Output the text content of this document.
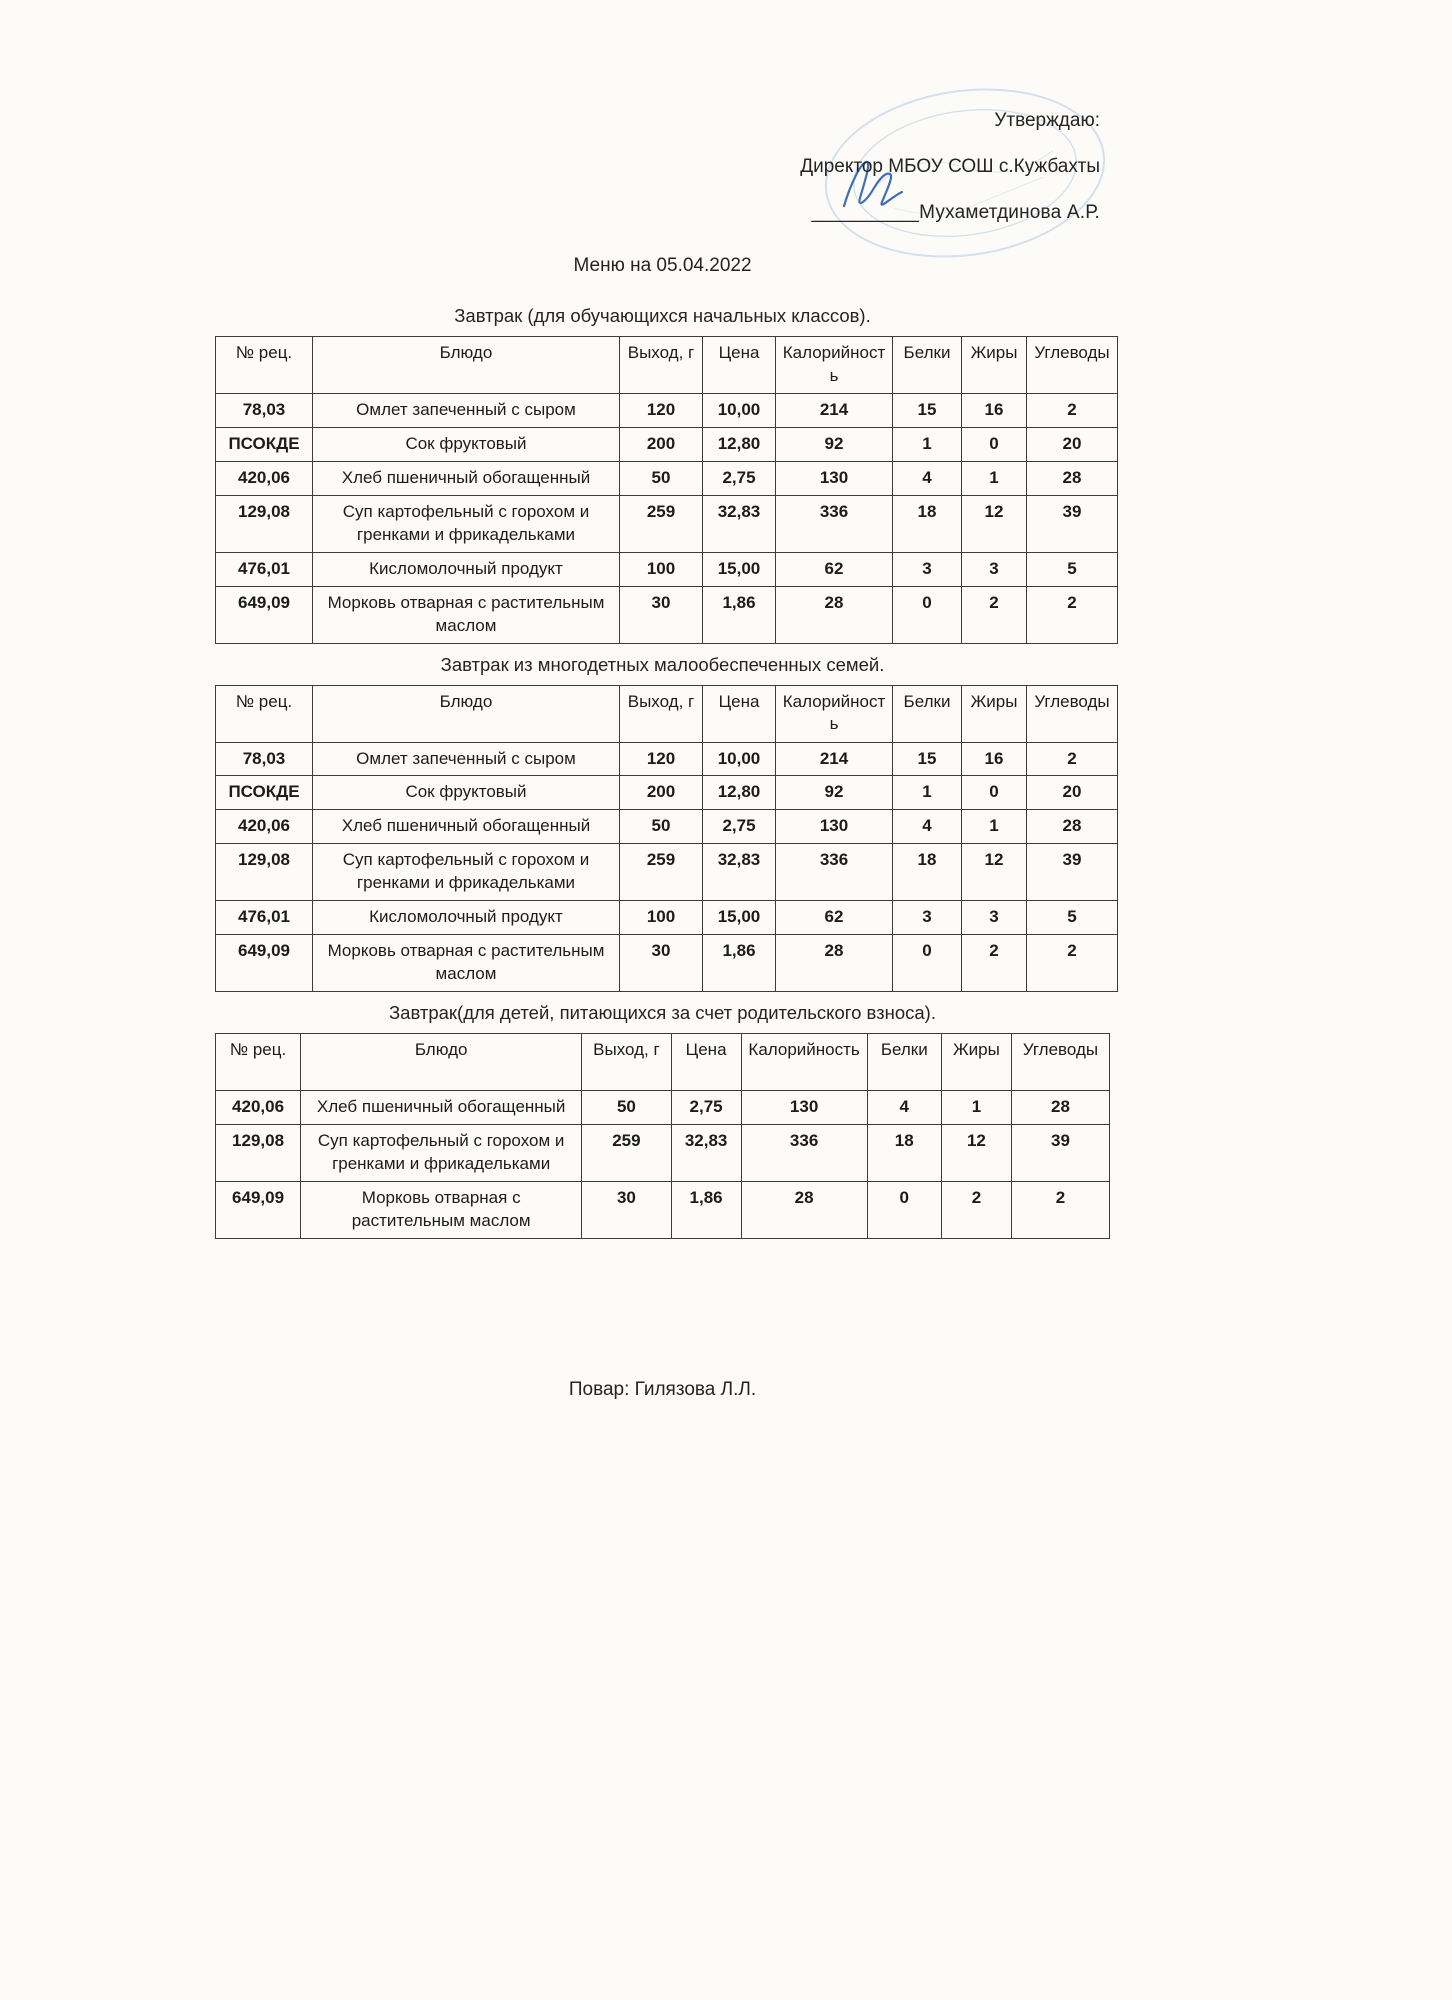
Утверждаю:
Директор МБОУ СОШ с.Кужбахты
__________Мухаметдинова А.Р.
Меню на 05.04.2022
Завтрак (для обучающихся начальных классов).
№ рец.	Блюдо	Выход, г	Цена	Калорийность	Белки	Жиры	Углеводы
78,03	Омлет запеченный с сыром	120	10,00	214	15	16	2
ПСОКДЕ	Сок фруктовый	200	12,80	92	1	0	20
420,06	Хлеб пшеничный обогащенный	50	2,75	130	4	1	28
129,08	Суп картофельный с горохом и гренками и фрикадельками	259	32,83	336	18	12	39
476,01	Кисломолочный продукт	100	15,00	62	3	3	5
649,09	Морковь отварная с растительным маслом	30	1,86	28	0	2	2
Завтрак из многодетных малообеспеченных семей.
№ рец.	Блюдо	Выход, г	Цена	Калорийность	Белки	Жиры	Углеводы
78,03	Омлет запеченный с сыром	120	10,00	214	15	16	2
ПСОКДЕ	Сок фруктовый	200	12,80	92	1	0	20
420,06	Хлеб пшеничный обогащенный	50	2,75	130	4	1	28
129,08	Суп картофельный с горохом и гренками и фрикадельками	259	32,83	336	18	12	39
476,01	Кисломолочный продукт	100	15,00	62	3	3	5
649,09	Морковь отварная с растительным маслом	30	1,86	28	0	2	2
Завтрак(для детей, питающихся за счет родительского взноса).
№ рец.	Блюдо	Выход, г	Цена	Калорийность	Белки	Жиры	Углеводы
420,06	Хлеб пшеничный обогащенный	50	2,75	130	4	1	28
129,08	Суп картофельный с горохом и гренками и фрикадельками	259	32,83	336	18	12	39
649,09	Морковь отварная с растительным маслом	30	1,86	28	0	2	2
Повар: Гилязова Л.Л.
